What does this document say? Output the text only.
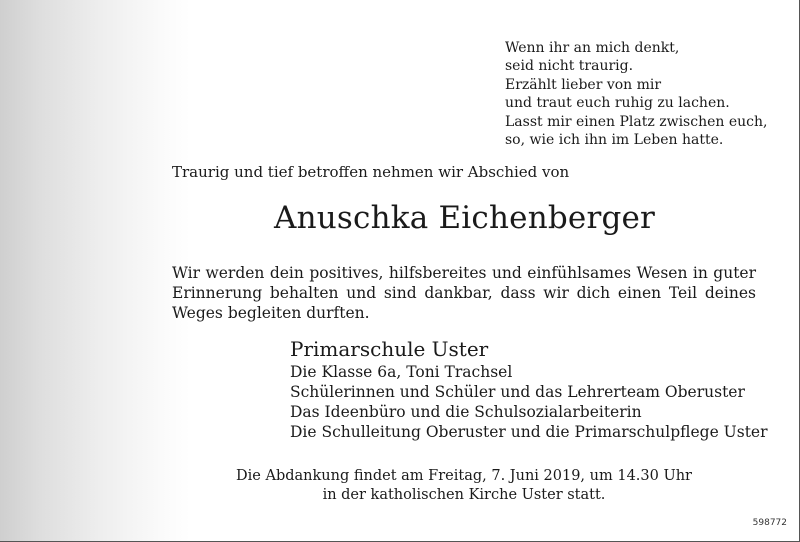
Wenn ihr an mich denkt,
seid nicht traurig.
Erzählt lieber von mir
und traut euch ruhig zu lachen.
Lasst mir einen Platz zwischen euch,
so, wie ich ihn im Leben hatte.
Traurig und tief betroffen nehmen wir Abschied von
Anuschka Eichenberger
Wir werden dein positives, hilfsbereites und einfühlsames Wesen in guter Erinnerung behalten und sind dankbar, dass wir dich einen Teil deines Weges begleiten durften.
Primarschule Uster
Die Klasse 6a, Toni Trachsel
Schülerinnen und Schüler und das Lehrerteam Oberuster
Das Ideenbüro und die Schulsozialarbeiterin
Die Schulleitung Oberuster und die Primarschulpflege Uster
Die Abdankung findet am Freitag, 7. Juni 2019, um 14.30 Uhr
in der katholischen Kirche Uster statt.
598772
